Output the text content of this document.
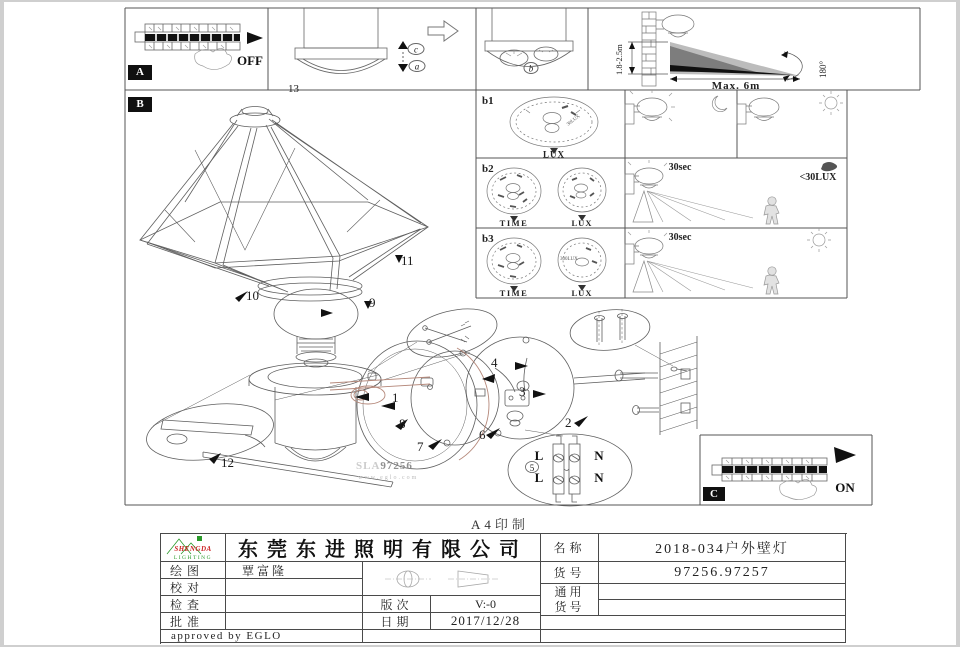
OFF
A
c
a
13
b	1.8-2.5m
Max. 6m
180°
b1
30LUX
LUX
b2
TIME	LUX
30sec
<30LUX
b3
300LUX
TIME	LUX
30sec
L	N
L	N
5
SLA97256
www.eglo.com
B
1
2
3
4
6
7
8
9
10
11
12
ON
C
A4印制
SHENGDA
LIGHTING	东莞东进照明有限公司
绘图	覃富隆
校对
检查
批准
版次	V:-0
日期	2017/12/28
approved by EGLO
名称	2018-034户外壁灯
货号	97256.97257
通用
货号
